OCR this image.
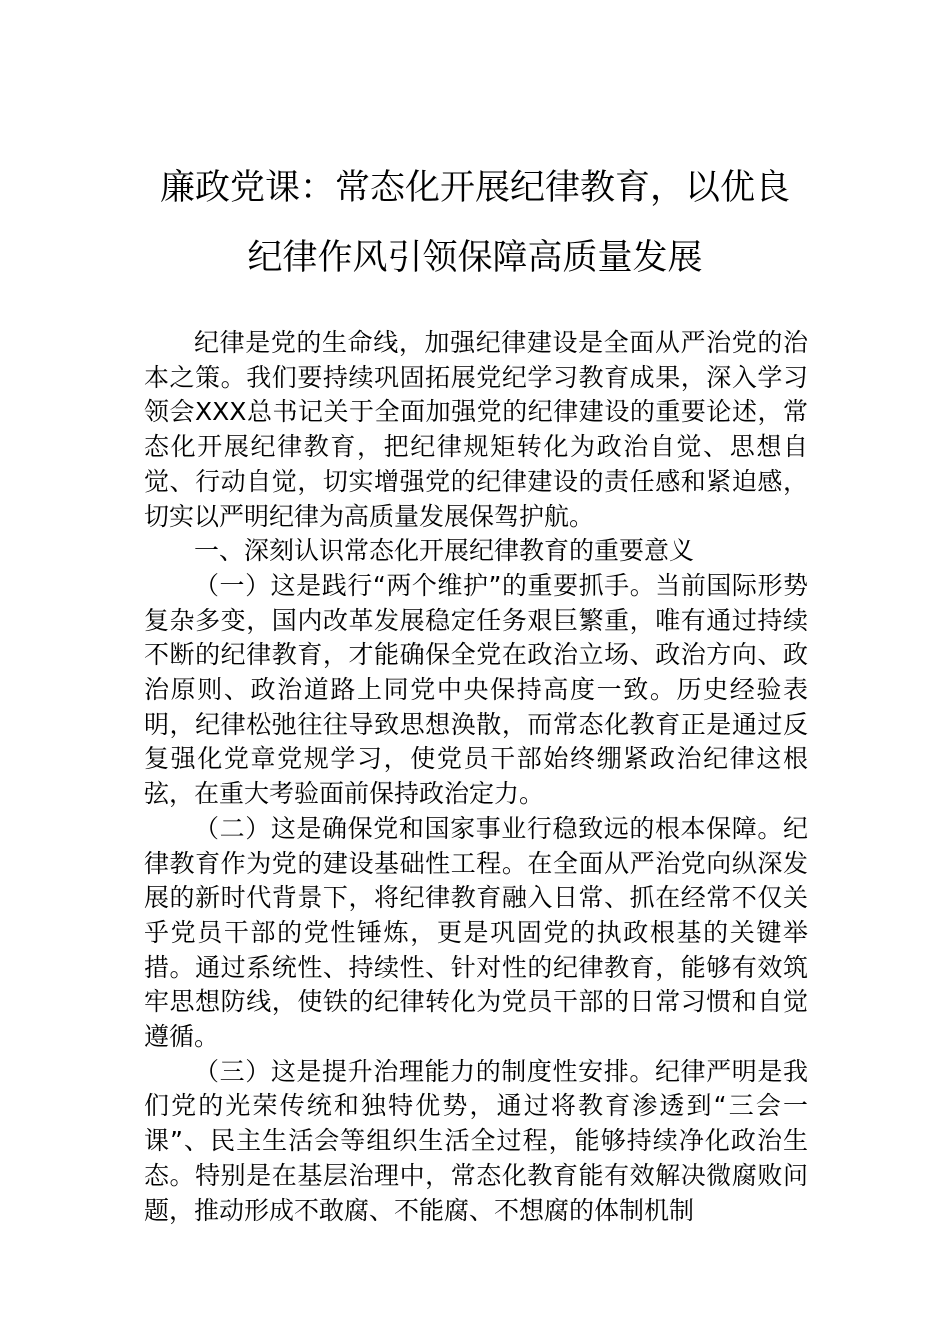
廉政党课：常态化开展纪律教育，以优良
纪律作风引领保障高质量发展

纪律是党的生命线，加强纪律建设是全面从严治党的治本之策。我们要持续巩固拓展党纪学习教育成果，深入学习领会XXX总书记关于全面加强党的纪律建设的重要论述，常态化开展纪律教育，把纪律规矩转化为政治自觉、思想自觉、行动自觉，切实增强党的纪律建设的责任感和紧迫感，切实以严明纪律为高质量发展保驾护航。

一、深刻认识常态化开展纪律教育的重要意义

（一）这是践行“两个维护”的重要抓手。当前国际形势复杂多变，国内改革发展稳定任务艰巨繁重，唯有通过持续不断的纪律教育，才能确保全党在政治立场、政治方向、政治原则、政治道路上同党中央保持高度一致。历史经验表明，纪律松弛往往导致思想涣散，而常态化教育正是通过反复强化党章党规学习，使党员干部始终绷紧政治纪律这根弦，在重大考验面前保持政治定力。

（二）这是确保党和国家事业行稳致远的根本保障。纪律教育作为党的建设基础性工程。在全面从严治党向纵深发展的新时代背景下，将纪律教育融入日常、抓在经常不仅关乎党员干部的党性锤炼，更是巩固党的执政根基的关键举措。通过系统性、持续性、针对性的纪律教育，能够有效筑牢思想防线，使铁的纪律转化为党员干部的日常习惯和自觉遵循。

（三）这是提升治理能力的制度性安排。纪律严明是我们党的光荣传统和独特优势，通过将教育渗透到“三会一课”、民主生活会等组织生活全过程，能够持续净化政治生态。特别是在基层治理中，常态化教育能有效解决微腐败问题，推动形成不敢腐、不能腐、不想腐的体制机制
